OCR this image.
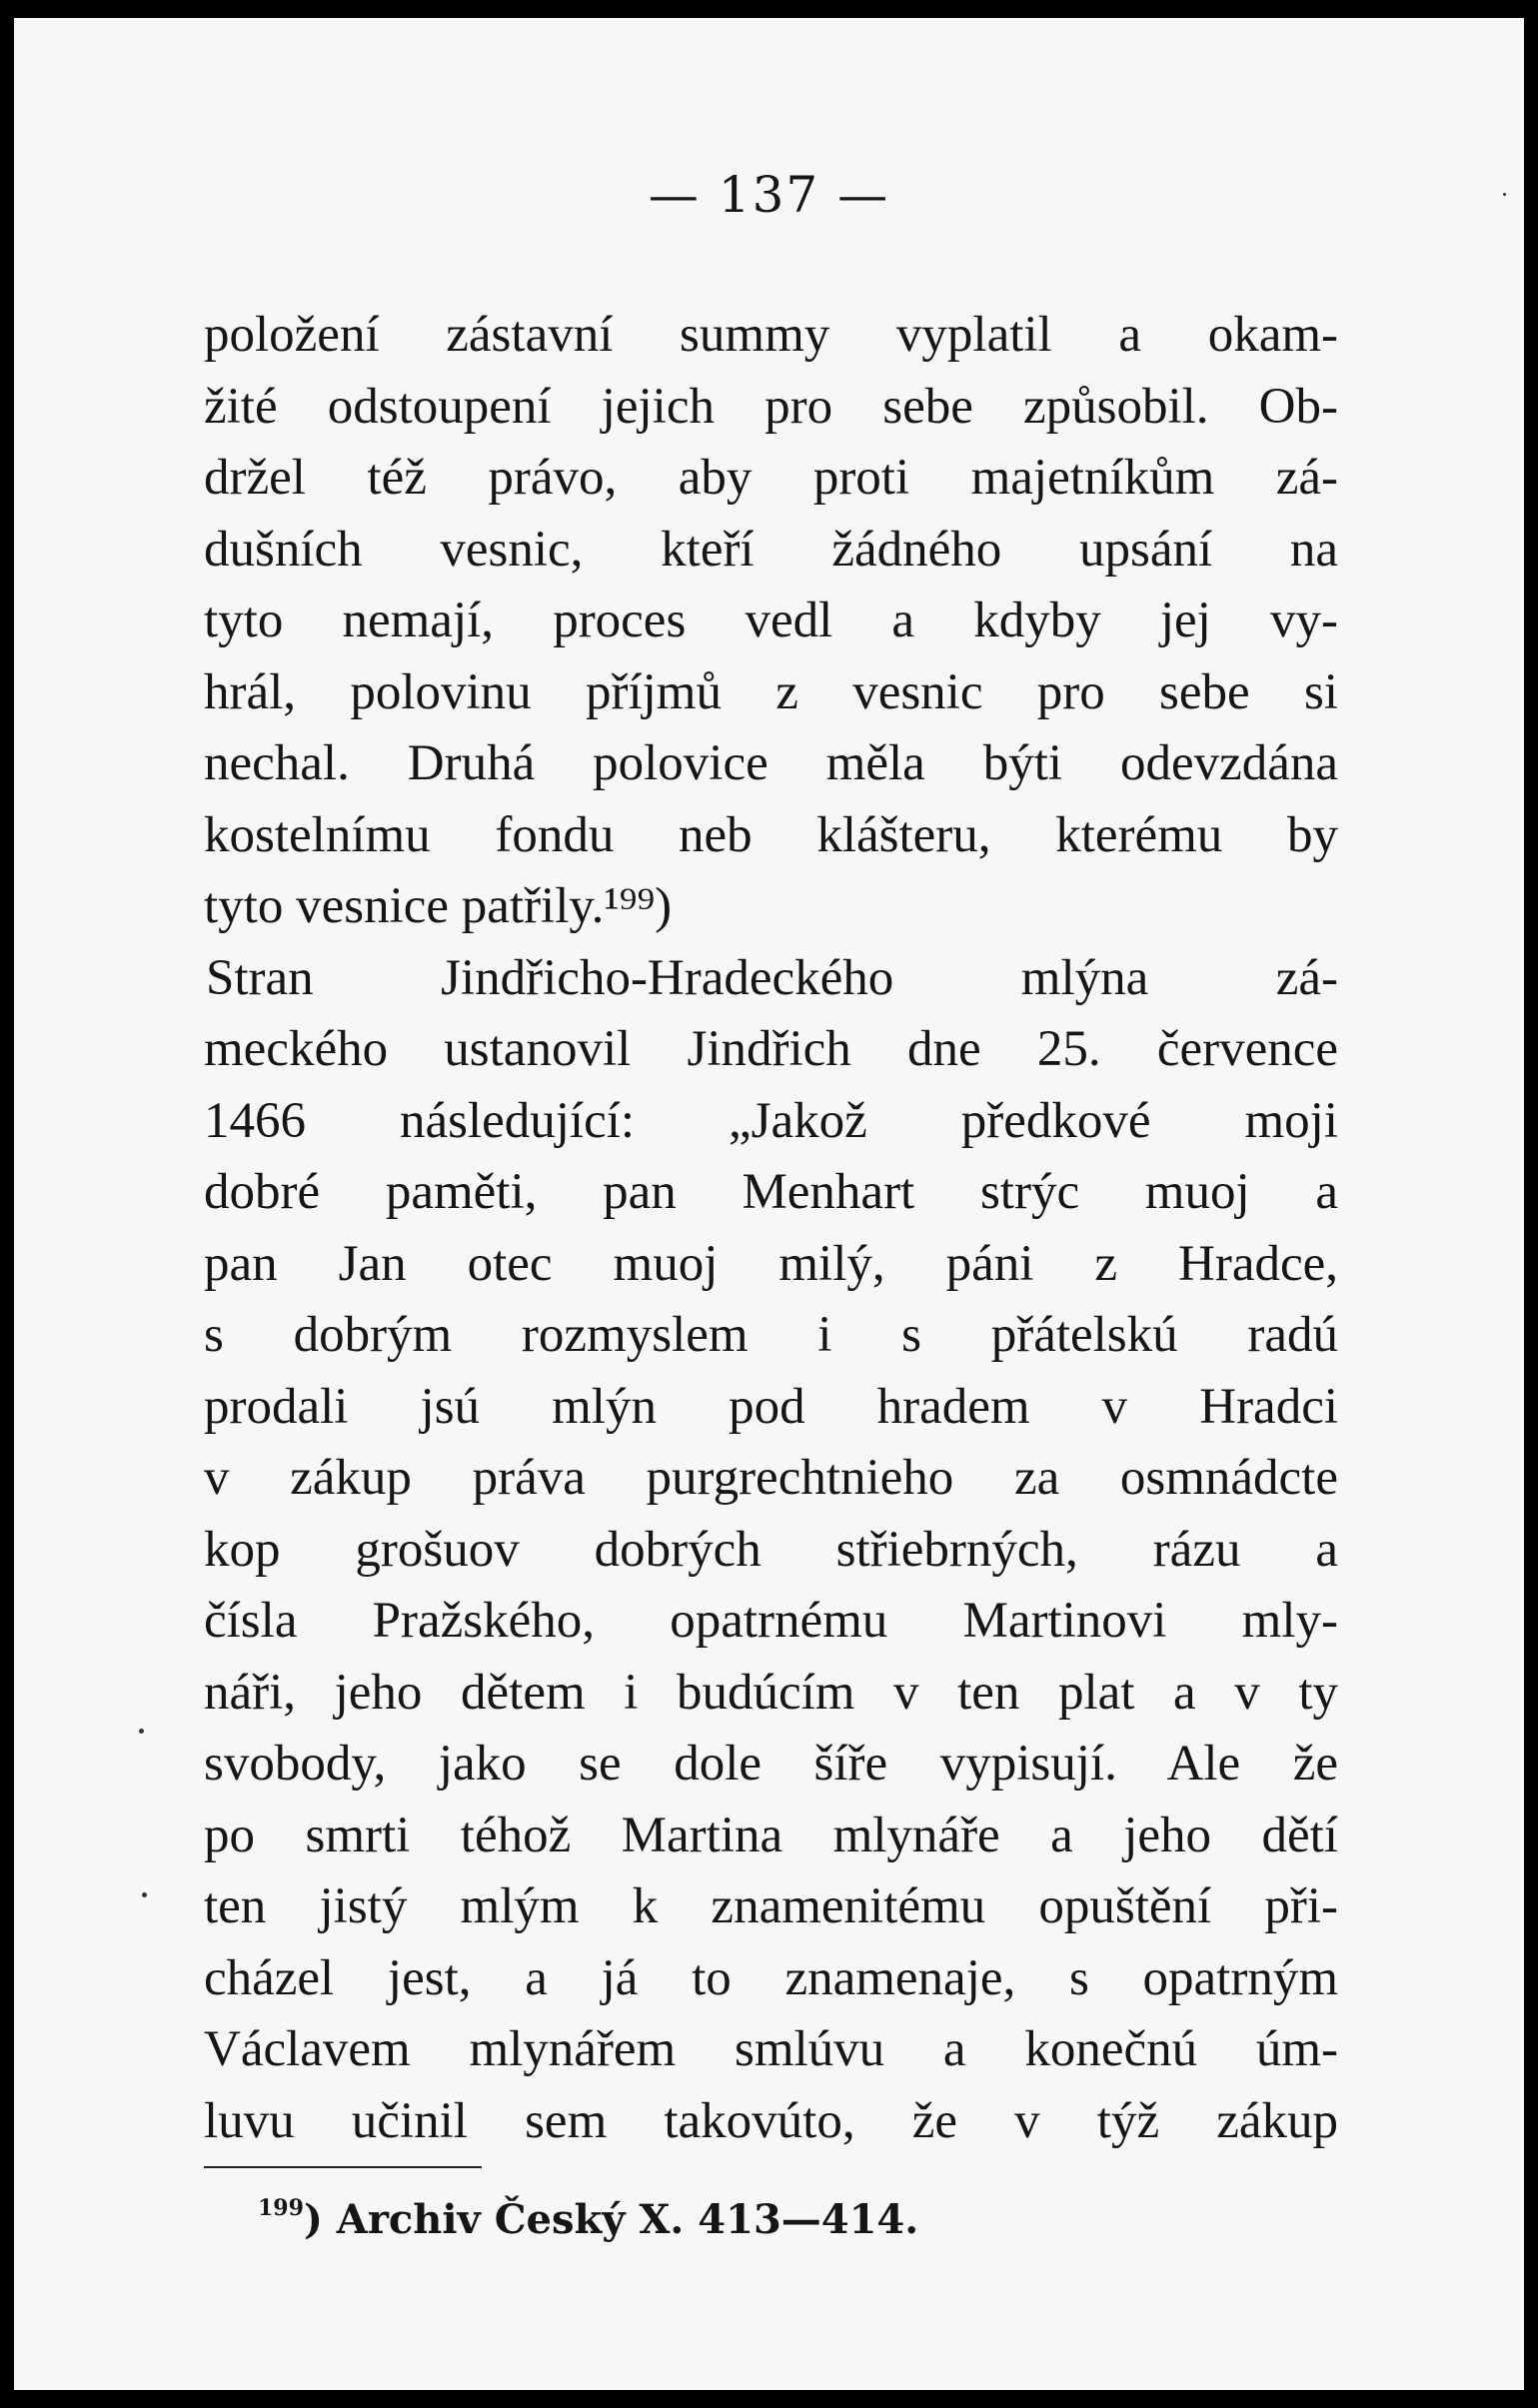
— 137 —
položení zástavní summy vyplatil a okam-
žité odstoupení jejich pro sebe způsobil. Ob-
držel též právo, aby proti majetníkům zá-
dušních vesnic, kteří žádného upsání na
tyto nemají, proces vedl a kdyby jej vy-
hrál, polovinu příjmů z vesnic pro sebe si
nechal. Druhá polovice měla býti odevzdána
kostelnímu fondu neb klášteru, kterému by
tyto vesnice patřily.¹⁹⁹)
Stran Jindřicho-Hradeckého mlýna zá-
meckého ustanovil Jindřich dne 25. července
1466 následující: „Jakož předkové moji
dobré paměti, pan Menhart strýc muoj a
pan Jan otec muoj milý, páni z Hradce,
s dobrým rozmyslem i s přátelskú radú
prodali jsú mlýn pod hradem v Hradci
v zákup práva purgrechtnieho za osmnádcte
kop grošuov dobrých střiebrných, rázu a
čísla Pražského, opatrnému Martinovi mly-
náři, jeho dětem i budúcím v ten plat a v ty
svobody, jako se dole šíře vypisují. Ale že
po smrti téhož Martina mlynáře a jeho dětí
ten jistý mlým k znamenitému opuštění při-
cházel jest, a já to znamenaje, s opatrným
Václavem mlynářem smlúvu a konečnú úm-
luvu učinil sem takovúto, že v týž zákup
$^{199}$) Archiv Český X. 413—414.
